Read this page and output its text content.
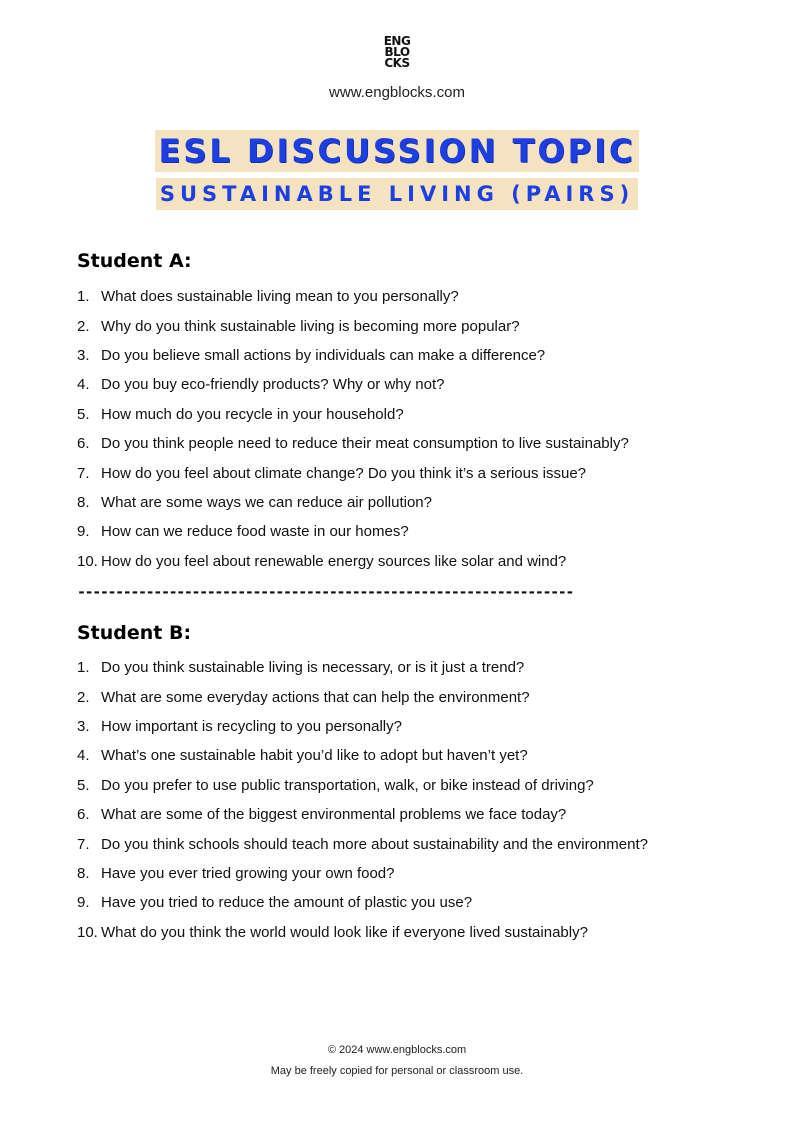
ENG
BLO
CKS
www.engblocks.com
ESL DISCUSSION TOPIC
SUSTAINABLE LIVING (PAIRS)
Student A:
1. What does sustainable living mean to you personally?
2. Why do you think sustainable living is becoming more popular?
3. Do you believe small actions by individuals can make a difference?
4. Do you buy eco-friendly products? Why or why not?
5. How much do you recycle in your household?
6. Do you think people need to reduce their meat consumption to live sustainably?
7. How do you feel about climate change? Do you think it’s a serious issue?
8. What are some ways we can reduce air pollution?
9. How can we reduce food waste in our homes?
10. How do you feel about renewable energy sources like solar and wind?
-----------------------------------------------------------------
Student B:
1. Do you think sustainable living is necessary, or is it just a trend?
2. What are some everyday actions that can help the environment?
3. How important is recycling to you personally?
4. What’s one sustainable habit you’d like to adopt but haven’t yet?
5. Do you prefer to use public transportation, walk, or bike instead of driving?
6. What are some of the biggest environmental problems we face today?
7. Do you think schools should teach more about sustainability and the environment?
8. Have you ever tried growing your own food?
9. Have you tried to reduce the amount of plastic you use?
10. What do you think the world would look like if everyone lived sustainably?
© 2024 www.engblocks.com
May be freely copied for personal or classroom use.
